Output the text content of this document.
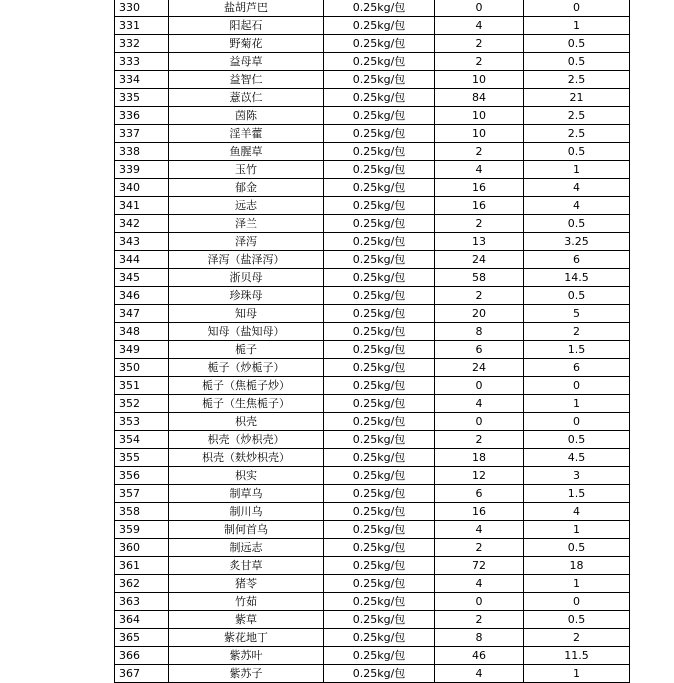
330	盐胡芦巴	0.25kg/包	0	0
331	阳起石	0.25kg/包	4	1
332	野菊花	0.25kg/包	2	0.5
333	益母草	0.25kg/包	2	0.5
334	益智仁	0.25kg/包	10	2.5
335	薏苡仁	0.25kg/包	84	21
336	茵陈	0.25kg/包	10	2.5
337	淫羊藿	0.25kg/包	10	2.5
338	鱼腥草	0.25kg/包	2	0.5
339	玉竹	0.25kg/包	4	1
340	郁金	0.25kg/包	16	4
341	远志	0.25kg/包	16	4
342	泽兰	0.25kg/包	2	0.5
343	泽泻	0.25kg/包	13	3.25
344	泽泻（盐泽泻）	0.25kg/包	24	6
345	浙贝母	0.25kg/包	58	14.5
346	珍珠母	0.25kg/包	2	0.5
347	知母	0.25kg/包	20	5
348	知母（盐知母）	0.25kg/包	8	2
349	栀子	0.25kg/包	6	1.5
350	栀子（炒栀子）	0.25kg/包	24	6
351	栀子（焦栀子炒）	0.25kg/包	0	0
352	栀子（生焦栀子）	0.25kg/包	4	1
353	枳壳	0.25kg/包	0	0
354	枳壳（炒枳壳）	0.25kg/包	2	0.5
355	枳壳（麸炒枳壳）	0.25kg/包	18	4.5
356	枳实	0.25kg/包	12	3
357	制草乌	0.25kg/包	6	1.5
358	制川乌	0.25kg/包	16	4
359	制何首乌	0.25kg/包	4	1
360	制远志	0.25kg/包	2	0.5
361	炙甘草	0.25kg/包	72	18
362	猪苓	0.25kg/包	4	1
363	竹茹	0.25kg/包	0	0
364	紫草	0.25kg/包	2	0.5
365	紫花地丁	0.25kg/包	8	2
366	紫苏叶	0.25kg/包	46	11.5
367	紫苏子	0.25kg/包	4	1
